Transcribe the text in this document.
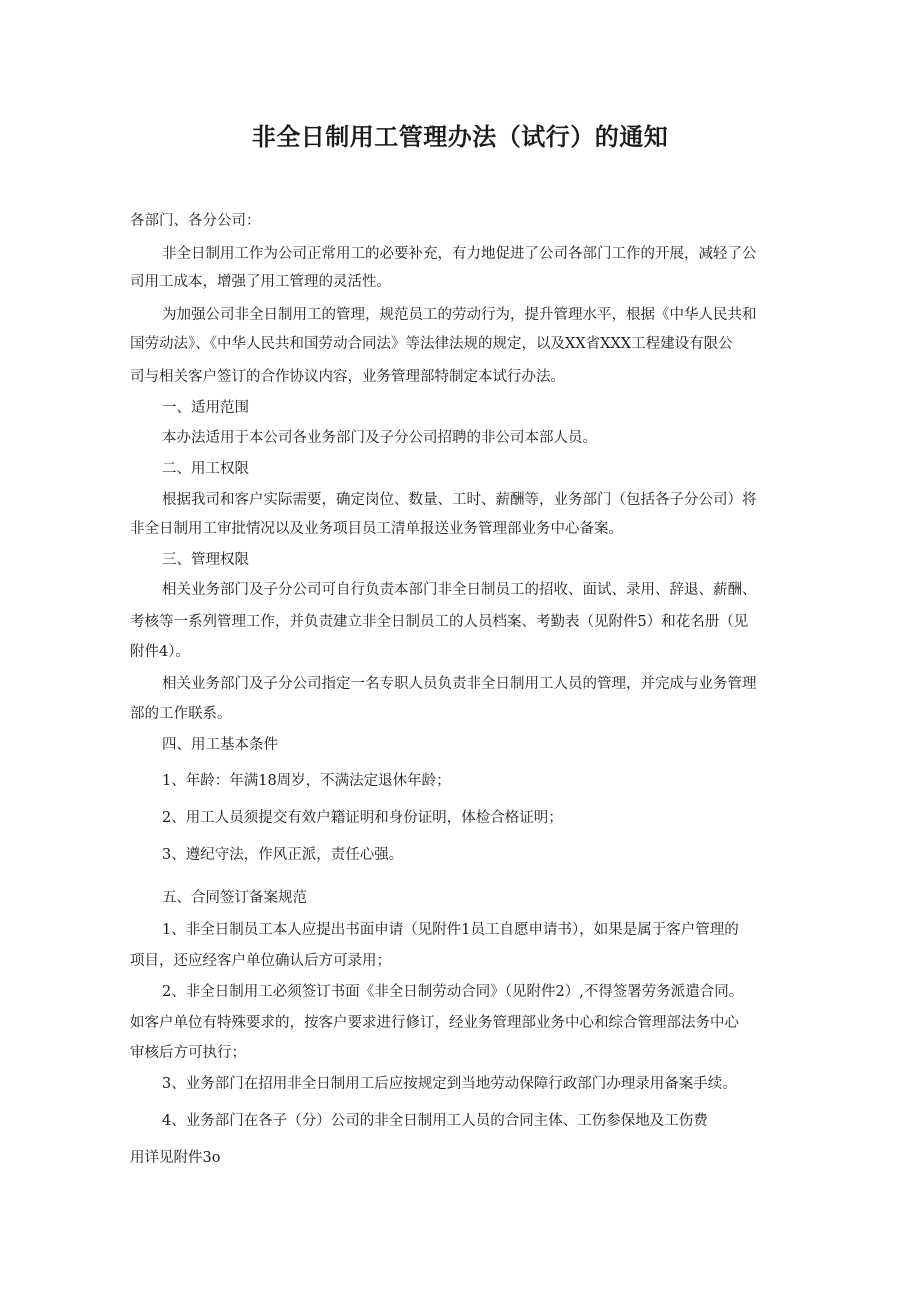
非全日制用工管理办法（试行）的通知

各部门、各分公司：

非全日制用工作为公司正常用工的必要补充，有力地促进了公司各部门工作的开展，减轻了公

司用工成本，增强了用工管理的灵活性。

为加强公司非全日制用工的管理，规范员工的劳动行为，提升管理水平，根据《中华人民共和

国劳动法》、《中华人民共和国劳动合同法》等法律法规的规定，以及XX省XXX工程建设有限公

司与相关客户签订的合作协议内容，业务管理部特制定本试行办法。

一、适用范围

本办法适用于本公司各业务部门及子分公司招聘的非公司本部人员。

二、用工权限

根据我司和客户实际需要，确定岗位、数量、工时、薪酬等，业务部门（包括各子分公司）将

非全日制用工审批情况以及业务项目员工清单报送业务管理部业务中心备案。

三、管理权限

相关业务部门及子分公司可自行负责本部门非全日制员工的招收、面试、录用、辞退、薪酬、

考核等一系列管理工作，并负责建立非全日制员工的人员档案、考勤表（见附件5）和花名册（见

附件4）。

相关业务部门及子分公司指定一名专职人员负责非全日制用工人员的管理，并完成与业务管理

部的工作联系。

四、用工基本条件

1、年龄：年满18周岁，不满法定退休年龄；

2、用工人员须提交有效户籍证明和身份证明，体检合格证明；

3、遵纪守法，作风正派，责任心强。

五、合同签订备案规范

1、非全日制员工本人应提出书面申请（见附件1员工自愿申请书），如果是属于客户管理的

项目，还应经客户单位确认后方可录用；

2、非全日制用工必须签订书面《非全日制劳动合同》（见附件2）,不得签署劳务派遣合同。

如客户单位有特殊要求的，按客户要求进行修订，经业务管理部业务中心和综合管理部法务中心

审核后方可执行；

3、业务部门在招用非全日制用工后应按规定到当地劳动保障行政部门办理录用备案手续。

4、业务部门在各子（分）公司的非全日制用工人员的合同主体、工伤参保地及工伤费

用详见附件3o
